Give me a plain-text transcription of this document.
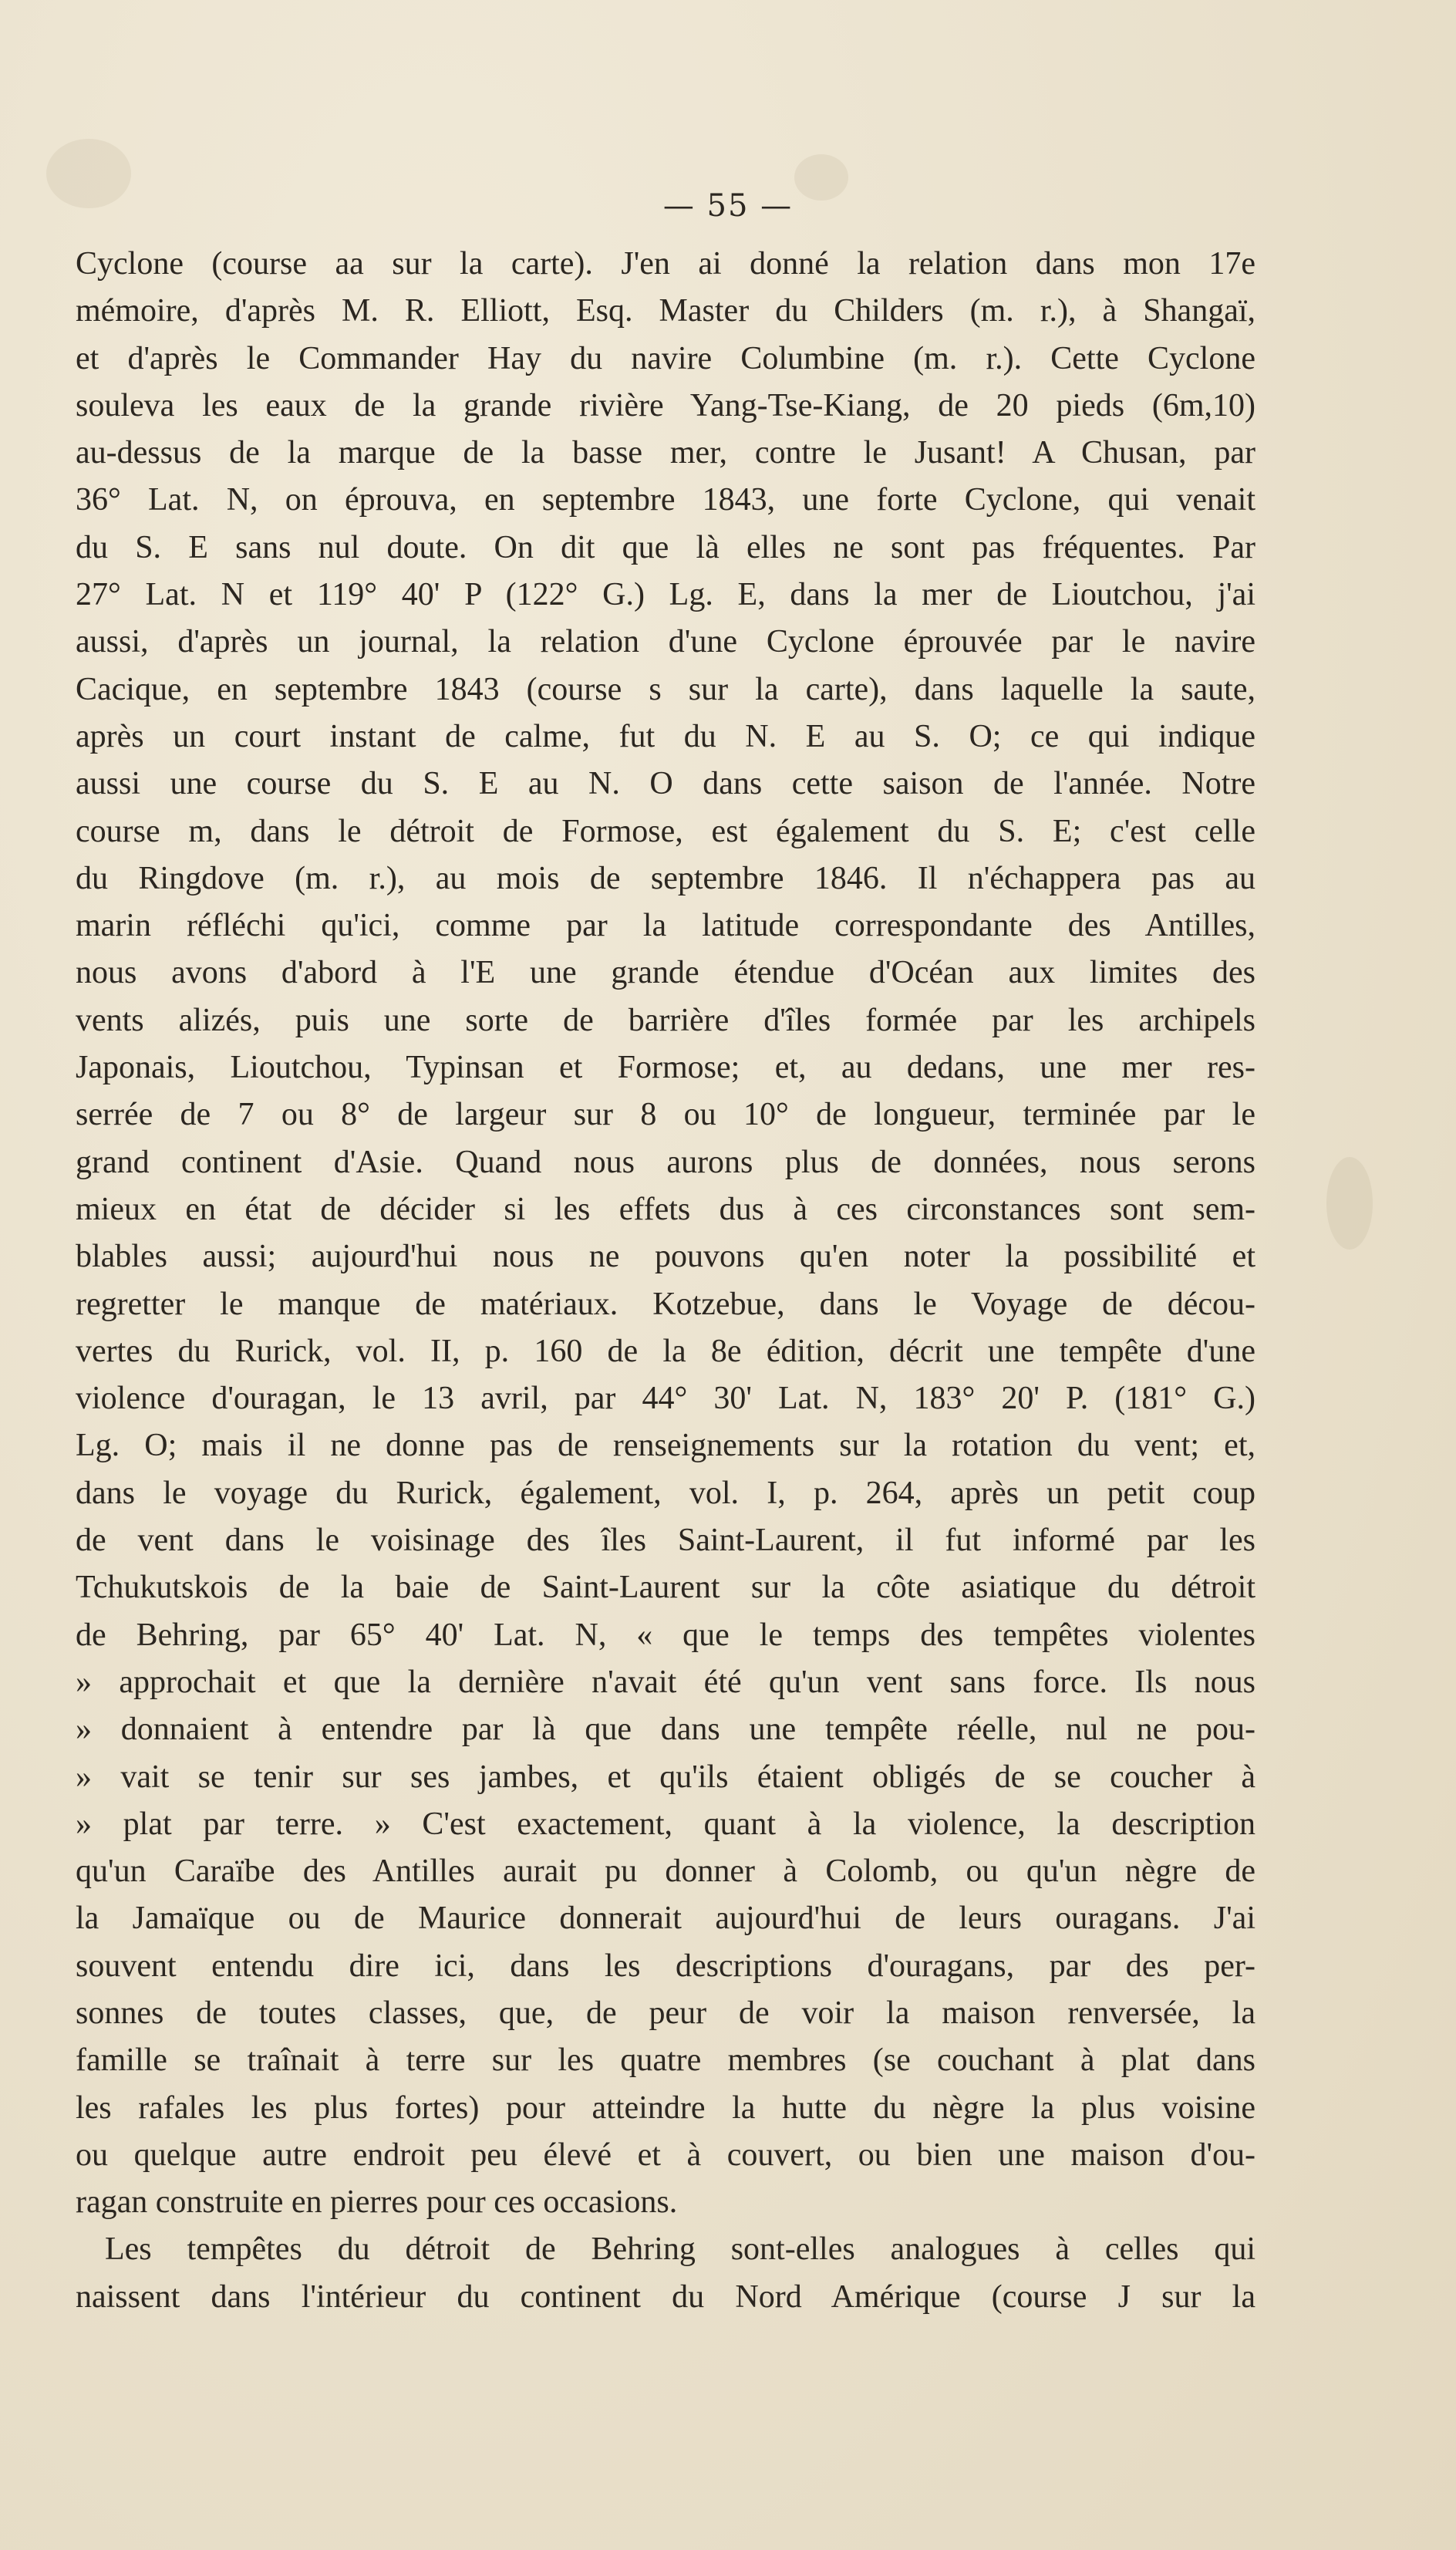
— 55 —
Cyclone (course aa sur la carte). J'en ai donné la relation dans mon 17e
mémoire, d'après M. R. Elliott, Esq. Master du Childers (m. r.), à Shangaï,
et d'après le Commander Hay du navire Columbine (m. r.). Cette Cyclone
souleva les eaux de la grande rivière Yang-Tse-Kiang, de 20 pieds (6m,10)
au-dessus de la marque de la basse mer, contre le Jusant! A Chusan, par
36° Lat. N, on éprouva, en septembre 1843, une forte Cyclone, qui venait
du S. E sans nul doute. On dit que là elles ne sont pas fréquentes. Par
27° Lat. N et 119° 40' P (122° G.) Lg. E, dans la mer de Lioutchou, j'ai
aussi, d'après un journal, la relation d'une Cyclone éprouvée par le navire
Cacique, en septembre 1843 (course s sur la carte), dans laquelle la saute,
après un court instant de calme, fut du N. E au S. O; ce qui indique
aussi une course du S. E au N. O dans cette saison de l'année. Notre
course m, dans le détroit de Formose, est également du S. E; c'est celle
du Ringdove (m. r.), au mois de septembre 1846. Il n'échappera pas au
marin réfléchi qu'ici, comme par la latitude correspondante des Antilles,
nous avons d'abord à l'E une grande étendue d'Océan aux limites des
vents alizés, puis une sorte de barrière d'îles formée par les archipels
Japonais, Lioutchou, Typinsan et Formose; et, au dedans, une mer res-
serrée de 7 ou 8° de largeur sur 8 ou 10° de longueur, terminée par le
grand continent d'Asie. Quand nous aurons plus de données, nous serons
mieux en état de décider si les effets dus à ces circonstances sont sem-
blables aussi; aujourd'hui nous ne pouvons qu'en noter la possibilité et
regretter le manque de matériaux. Kotzebue, dans le Voyage de décou-
vertes du Rurick, vol. II, p. 160 de la 8e édition, décrit une tempête d'une
violence d'ouragan, le 13 avril, par 44° 30' Lat. N, 183° 20' P. (181° G.)
Lg. O; mais il ne donne pas de renseignements sur la rotation du vent; et,
dans le voyage du Rurick, également, vol. I, p. 264, après un petit coup
de vent dans le voisinage des îles Saint-Laurent, il fut informé par les
Tchukutskois de la baie de Saint-Laurent sur la côte asiatique du détroit
de Behring, par 65° 40' Lat. N, « que le temps des tempêtes violentes
» approchait et que la dernière n'avait été qu'un vent sans force. Ils nous
» donnaient à entendre par là que dans une tempête réelle, nul ne pou-
» vait se tenir sur ses jambes, et qu'ils étaient obligés de se coucher à
» plat par terre. » C'est exactement, quant à la violence, la description
qu'un Caraïbe des Antilles aurait pu donner à Colomb, ou qu'un nègre de
la Jamaïque ou de Maurice donnerait aujourd'hui de leurs ouragans. J'ai
souvent entendu dire ici, dans les descriptions d'ouragans, par des per-
sonnes de toutes classes, que, de peur de voir la maison renversée, la
famille se traînait à terre sur les quatre membres (se couchant à plat dans
les rafales les plus fortes) pour atteindre la hutte du nègre la plus voisine
ou quelque autre endroit peu élevé et à couvert, ou bien une maison d'ou-
ragan construite en pierres pour ces occasions.
Les tempêtes du détroit de Behring sont-elles analogues à celles qui
naissent dans l'intérieur du continent du Nord Amérique (course J sur la
